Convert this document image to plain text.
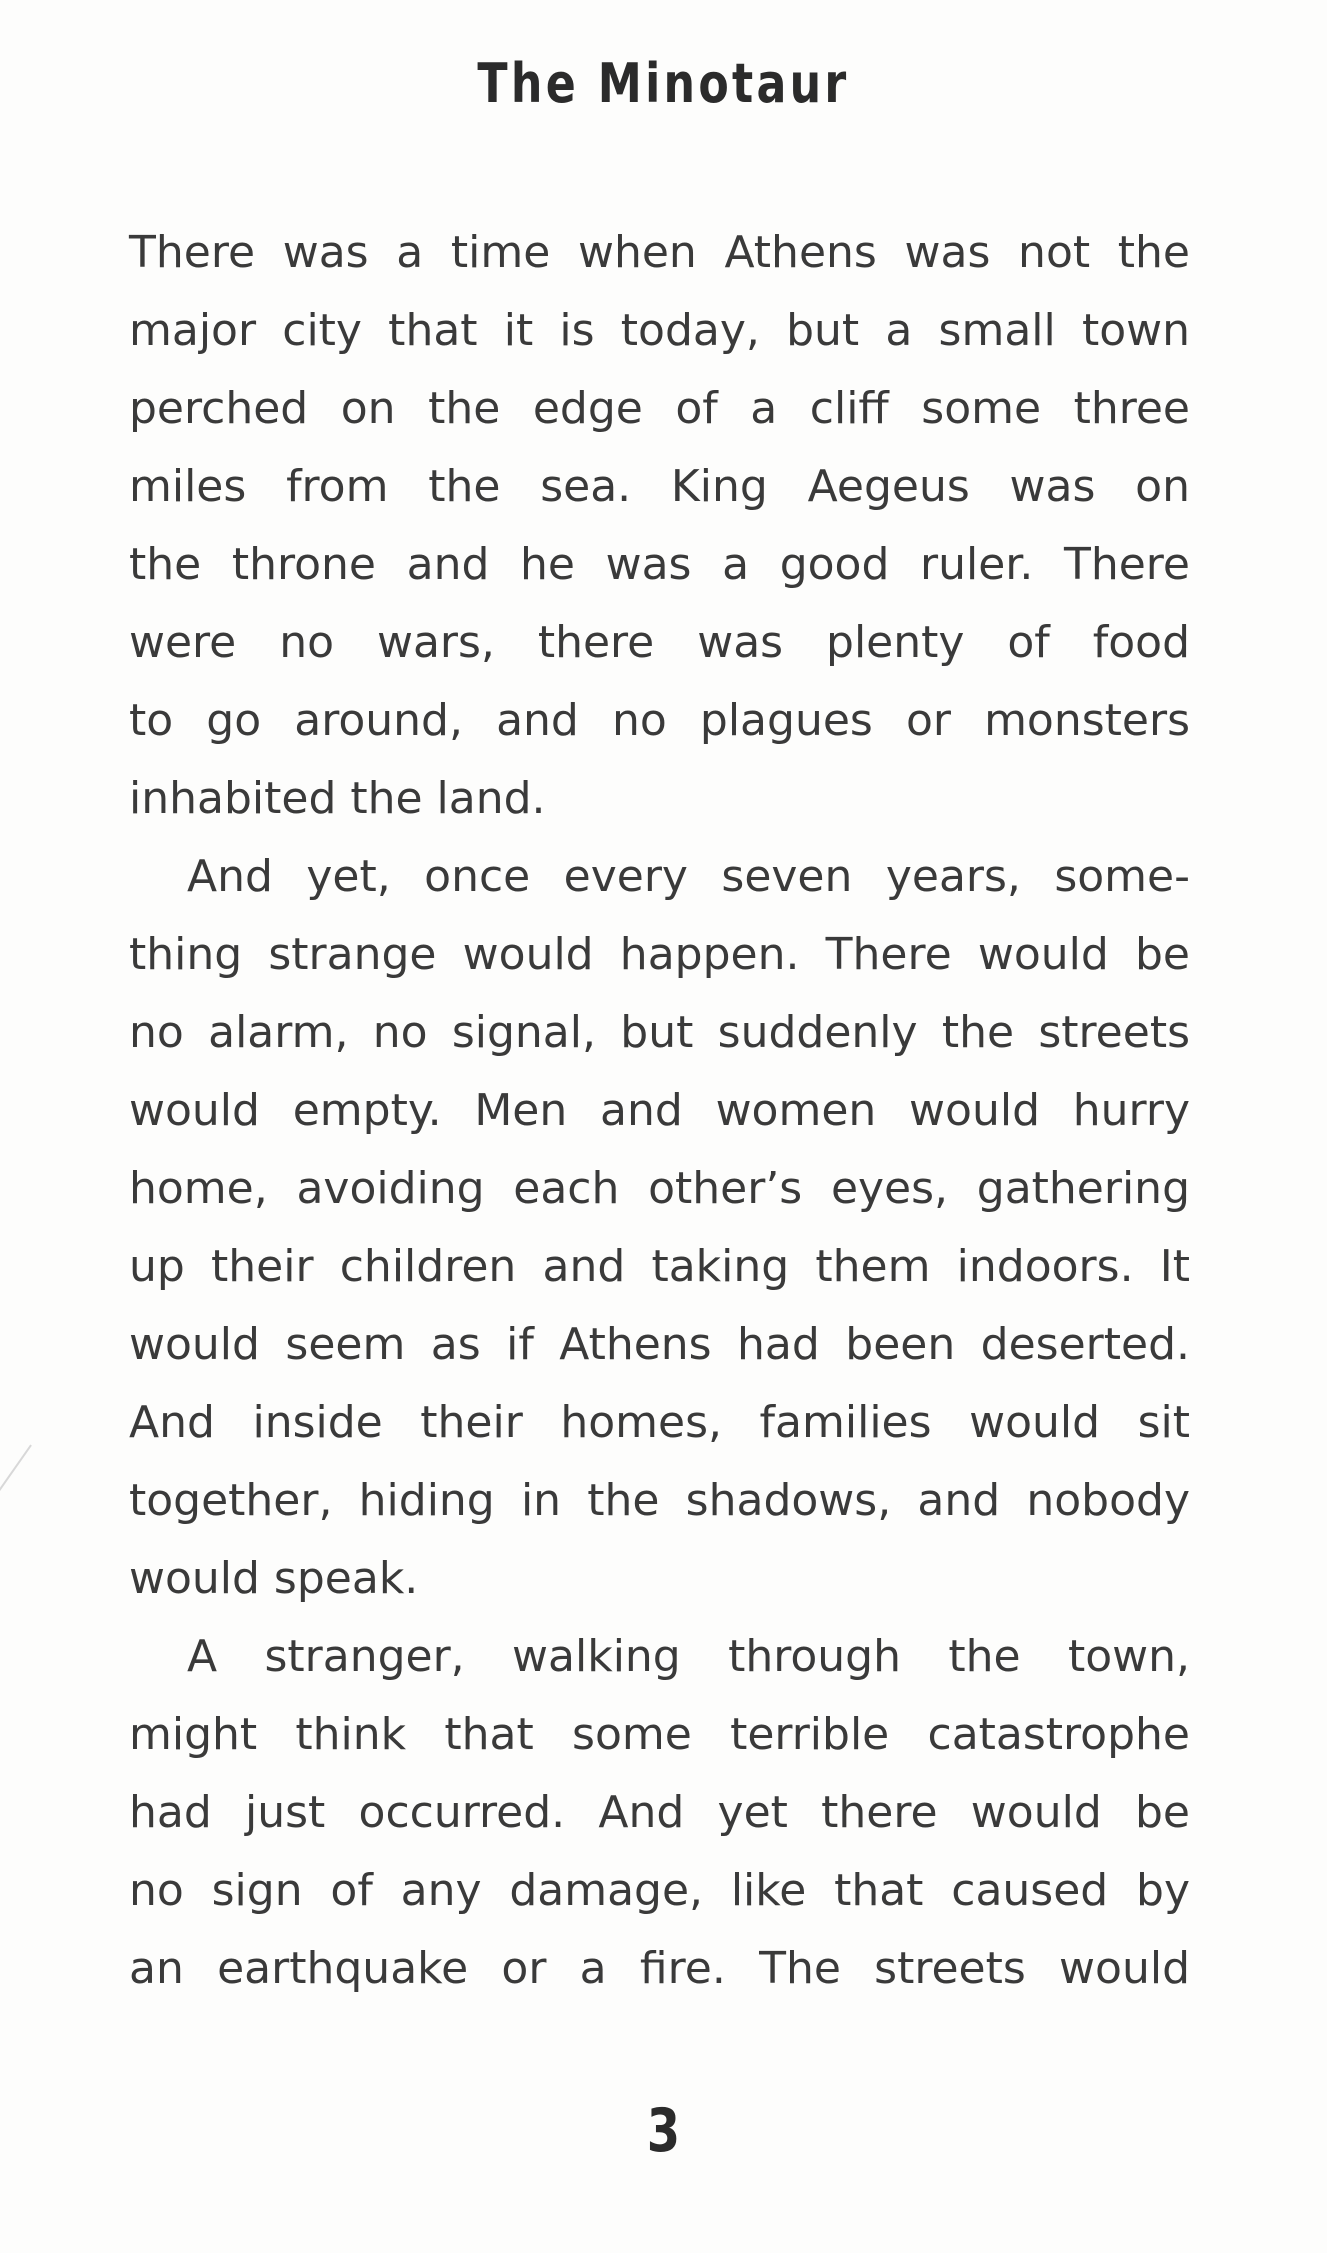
The Minotaur
There was a time when Athens was not the
major city that it is today, but a small town
perched on the edge of a cliff some three
miles from the sea. King Aegeus was on
the throne and he was a good ruler. There
were no wars, there was plenty of food
to go around, and no plagues or monsters
inhabited the land.
And yet, once every seven years, some-
thing strange would happen. There would be
no alarm, no signal, but suddenly the streets
would empty. Men and women would hurry
home, avoiding each other’s eyes, gathering
up their children and taking them indoors. It
would seem as if Athens had been deserted.
And inside their homes, families would sit
together, hiding in the shadows, and nobody
would speak.
A stranger, walking through the town,
might think that some terrible catastrophe
had just occurred. And yet there would be
no sign of any damage, like that caused by
an earthquake or a fire. The streets would
3
